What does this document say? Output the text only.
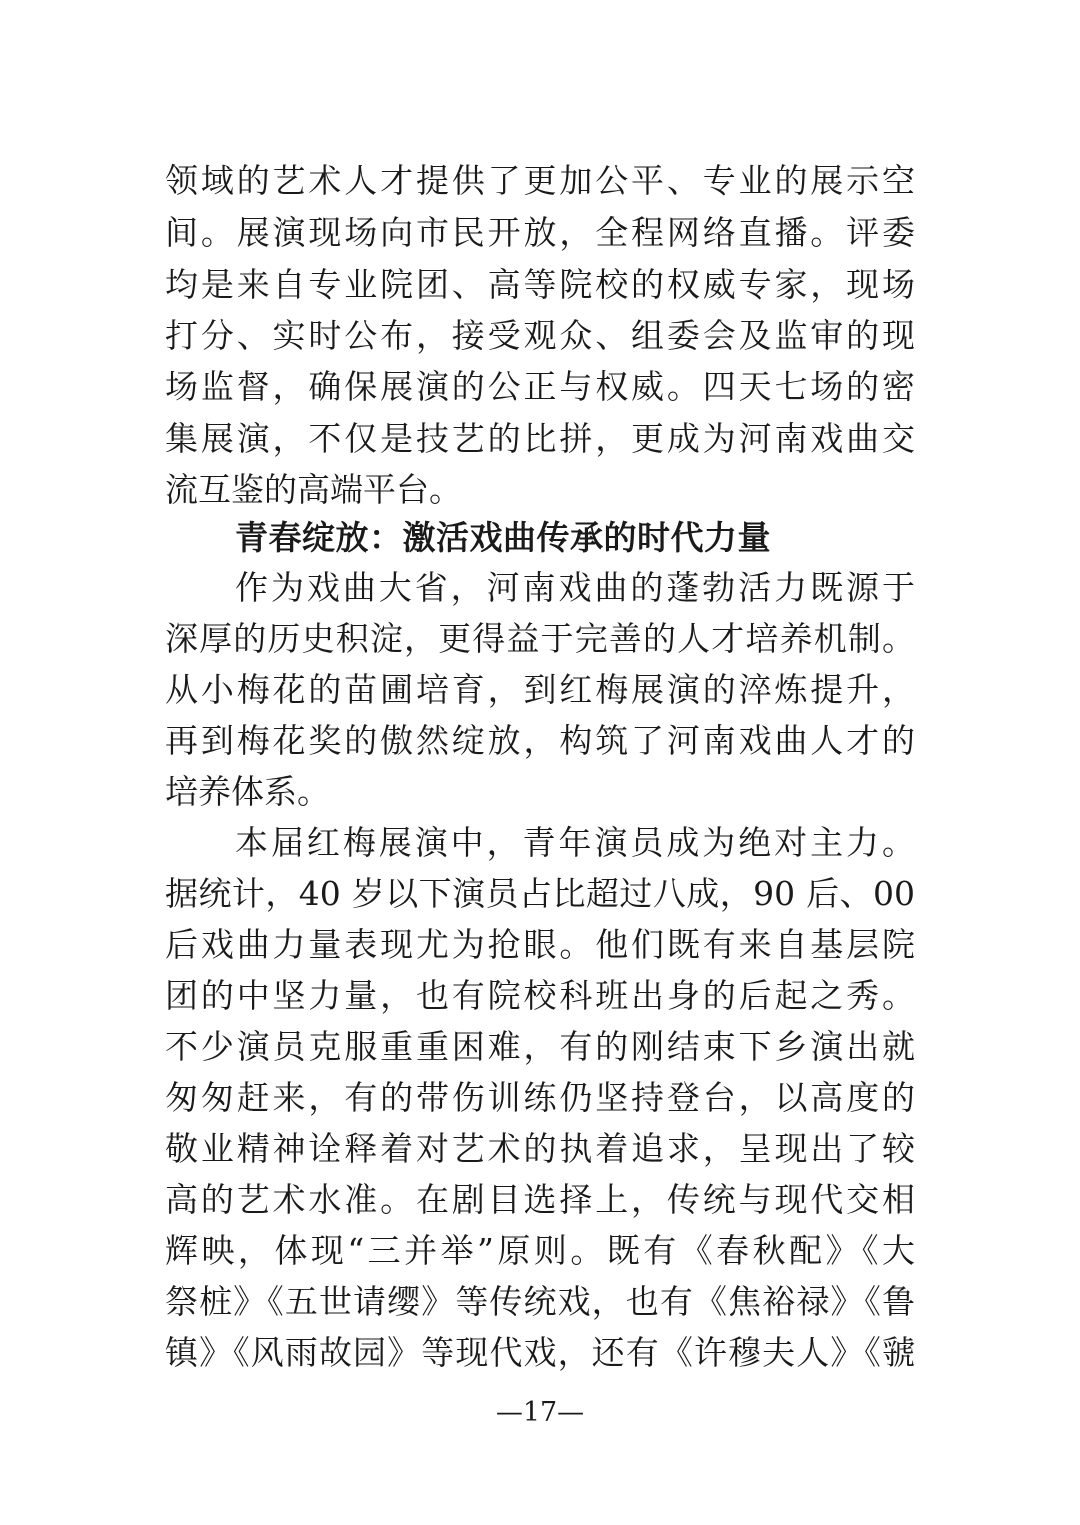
领域的艺术人才提供了更加公平、专业的展示空
间。展演现场向市民开放，全程网络直播。评委
均是来自专业院团、高等院校的权威专家，现场
打分、实时公布，接受观众、组委会及监审的现
场监督，确保展演的公正与权威。四天七场的密
集展演，不仅是技艺的比拼，更成为河南戏曲交
流互鉴的高端平台。
青春绽放：激活戏曲传承的时代力量
作为戏曲大省，河南戏曲的蓬勃活力既源于
深厚的历史积淀，更得益于完善的人才培养机制。
从小梅花的苗圃培育，到红梅展演的淬炼提升，
再到梅花奖的傲然绽放，构筑了河南戏曲人才的
培养体系。
本届红梅展演中，青年演员成为绝对主力。
据统计，40 岁以下演员占比超过八成，90 后、00
后戏曲力量表现尤为抢眼。他们既有来自基层院
团的中坚力量，也有院校科班出身的后起之秀。
不少演员克服重重困难，有的刚结束下乡演出就
匆匆赶来，有的带伤训练仍坚持登台，以高度的
敬业精神诠释着对艺术的执着追求，呈现出了较
高的艺术水准。在剧目选择上，传统与现代交相
辉映，体现“三并举”原则。既有《春秋配》《大
祭桩》《五世请缨》等传统戏，也有《焦裕禄》《鲁
镇》《风雨故园》等现代戏，还有《许穆夫人》《虢
—17—
